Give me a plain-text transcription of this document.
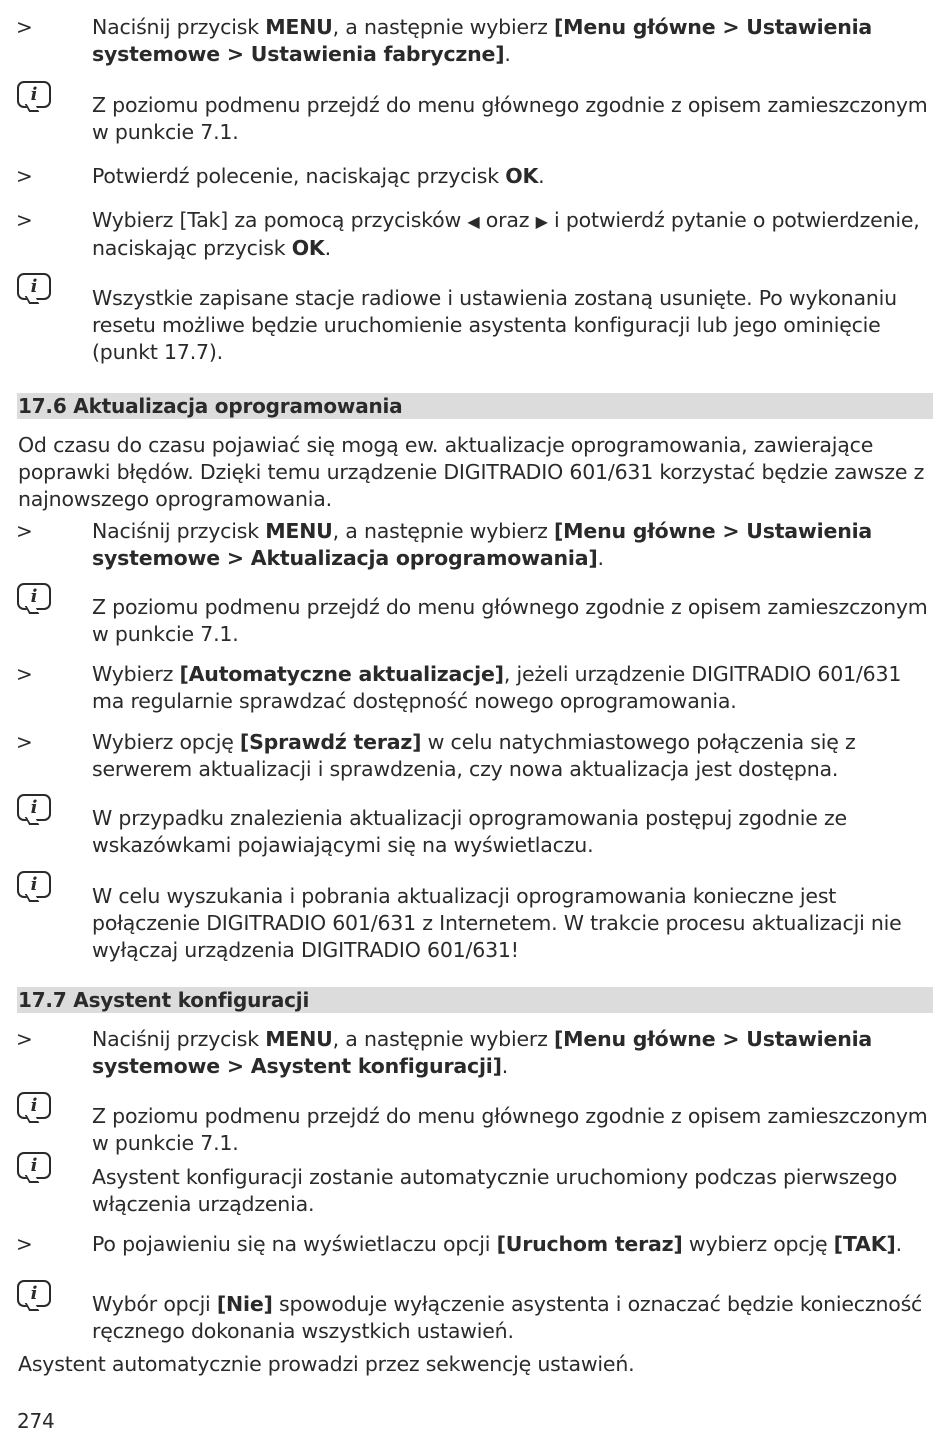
>	Naciśnij przycisk MENU, a następnie wybierz [Menu główne > Ustawienia systemowe > Ustawienia fabryczne].
i	Z poziomu podmenu przejdź do menu głównego zgodnie z opisem zamieszczonym w punkcie 7.1.
>	Potwierdź polecenie, naciskając przycisk OK.
>	Wybierz [Tak] za pomocą przycisków ◀ oraz ▶ i potwierdź pytanie o potwierdzenie, naciskając przycisk OK.
i	Wszystkie zapisane stacje radiowe i ustawienia zostaną usunięte. Po wykonaniu resetu możliwe będzie uruchomienie asystenta konfiguracji lub jego ominięcie (punkt 17.7).
17.6 Aktualizacja oprogramowania
Od czasu do czasu pojawiać się mogą ew. aktualizacje oprogramowania, zawierające poprawki błędów. Dzięki temu urządzenie DIGITRADIO 601/631 korzystać będzie zawsze z najnowszego oprogramowania.
>	Naciśnij przycisk MENU, a następnie wybierz [Menu główne > Ustawienia systemowe > Aktualizacja oprogramowania].
i	Z poziomu podmenu przejdź do menu głównego zgodnie z opisem zamieszczonym w punkcie 7.1.
>	Wybierz [Automatyczne aktualizacje], jeżeli urządzenie DIGITRADIO 601/631 ma regularnie sprawdzać dostępność nowego oprogramowania.
>	Wybierz opcję [Sprawdź teraz] w celu natychmiastowego połączenia się z serwerem aktualizacji i sprawdzenia, czy nowa aktualizacja jest dostępna.
i	W przypadku znalezienia aktualizacji oprogramowania postępuj zgodnie ze wskazówkami pojawiającymi się na wyświetlaczu.
i	W celu wyszukania i pobrania aktualizacji oprogramowania konieczne jest połączenie DIGITRADIO 601/631 z Internetem. W trakcie procesu aktualizacji nie wyłączaj urządzenia DIGITRADIO 601/631!
17.7 Asystent konfiguracji
>	Naciśnij przycisk MENU, a następnie wybierz [Menu główne > Ustawienia systemowe > Asystent konfiguracji].
i	Z poziomu podmenu przejdź do menu głównego zgodnie z opisem zamieszczonym w punkcie 7.1.
i	Asystent konfiguracji zostanie automatycznie uruchomiony podczas pierwszego włączenia urządzenia.
>	Po pojawieniu się na wyświetlaczu opcji [Uruchom teraz] wybierz opcję [TAK].
i	Wybór opcji [Nie] spowoduje wyłączenie asystenta i oznaczać będzie konieczność ręcznego dokonania wszystkich ustawień.
Asystent automatycznie prowadzi przez sekwencję ustawień.
274
